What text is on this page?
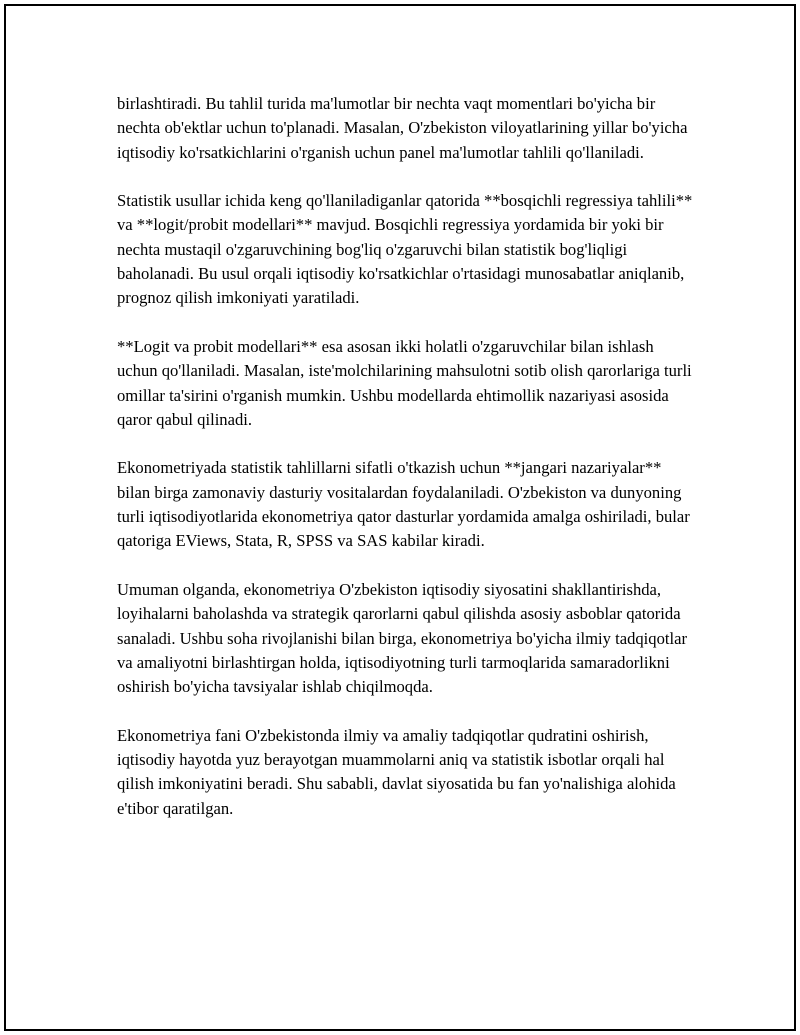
birlashtiradi. Bu tahlil turida ma'lumotlar bir nechta vaqt momentlari bo'yicha bir nechta ob'ektlar uchun to'planadi. Masalan, O'zbekiston viloyatlarining yillar bo'yicha iqtisodiy ko'rsatkichlarini o'rganish uchun panel ma'lumotlar tahlili qo'llaniladi.

Statistik usullar ichida keng qo'llaniladiganlar qatorida **bosqichli regressiya tahlili** va **logit/probit modellari** mavjud. Bosqichli regressiya yordamida bir yoki bir nechta mustaqil o'zgaruvchining bog'liq o'zgaruvchi bilan statistik bog'liqligi baholanadi. Bu usul orqali iqtisodiy ko'rsatkichlar o'rtasidagi munosabatlar aniqlanib, prognoz qilish imkoniyati yaratiladi.

**Logit va probit modellari** esa asosan ikki holatli o'zgaruvchilar bilan ishlash uchun qo'llaniladi. Masalan, iste'molchilarining mahsulotni sotib olish qarorlariga turli omillar ta'sirini o'rganish mumkin. Ushbu modellarda ehtimollik nazariyasi asosida qaror qabul qilinadi.

Ekonometriyada statistik tahlillarni sifatli o'tkazish uchun **jangari nazariyalar** bilan birga zamonaviy dasturiy vositalardan foydalaniladi. O'zbekiston va dunyoning turli iqtisodiyotlarida ekonometriya qator dasturlar yordamida amalga oshiriladi, bular qatoriga EViews, Stata, R, SPSS va SAS kabilar kiradi.

Umuman olganda, ekonometriya O'zbekiston iqtisodiy siyosatini shakllantirishda, loyihalarni baholashda va strategik qarorlarni qabul qilishda asosiy asboblar qatorida sanaladi. Ushbu soha rivojlanishi bilan birga, ekonometriya bo'yicha ilmiy tadqiqotlar va amaliyotni birlashtirgan holda, iqtisodiyotning turli tarmoqlarida samaradorlikni oshirish bo'yicha tavsiyalar ishlab chiqilmoqda.

Ekonometriya fani O'zbekistonda ilmiy va amaliy tadqiqotlar qudratini oshirish, iqtisodiy hayotda yuz berayotgan muammolarni aniq va statistik isbotlar orqali hal qilish imkoniyatini beradi. Shu sababli, davlat siyosatida bu fan yo'nalishiga alohida e'tibor qaratilgan.
